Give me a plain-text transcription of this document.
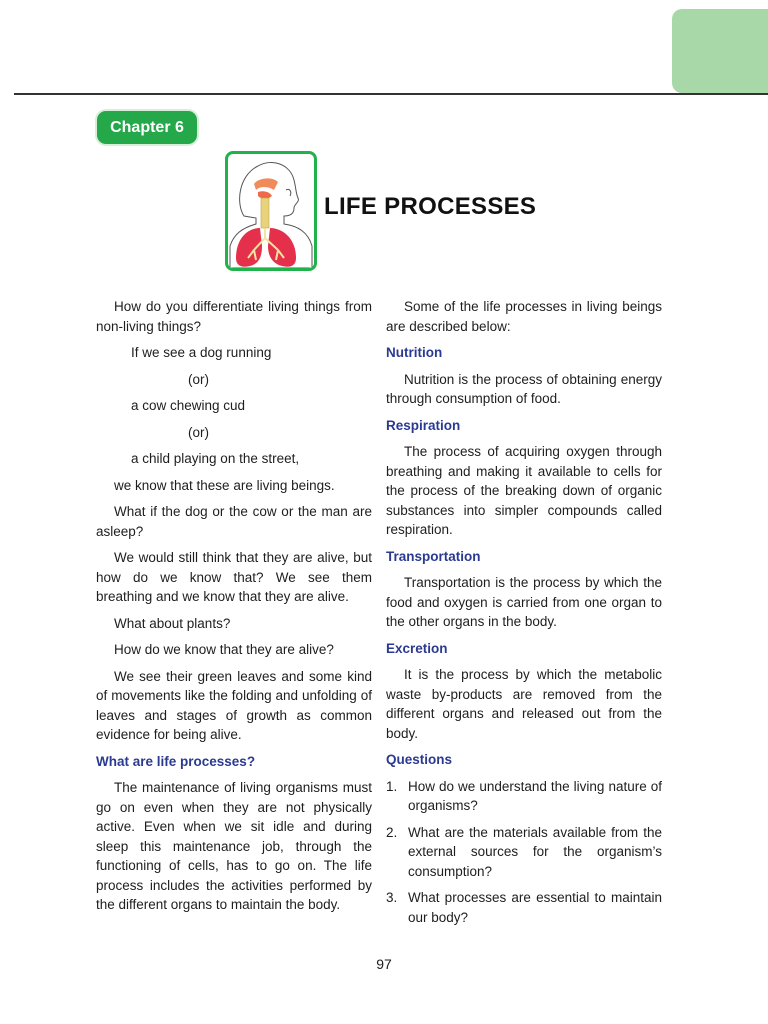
Chapter 6
LIFE PROCESSES

How do you differentiate living things from non-living things?

If we see a dog running

(or)

a cow chewing cud

(or)

a child playing on the street,

we know that these are living beings.

What if the dog or the cow or the man are asleep?

We would still think that they are alive, but how do we know that? We see them breathing and we know that they are alive.

What about plants?

How do we know that they are alive?

We see their green leaves and some kind of movements like the folding and unfolding of leaves and stages of growth as common evidence for being alive.

What are life processes?

The maintenance of living organisms must go on even when they are not physically active. Even when we sit idle and during sleep this maintenance job, through the functioning of cells, has to go on. The life process includes the activities performed by the different organs to maintain the body.

Some of the life processes in living beings are described below:

Nutrition

Nutrition is the process of obtaining energy through consumption of food.

Respiration

The process of acquiring oxygen through breathing and making it available to cells for the process of the breaking down of organic substances into simpler compounds called respiration.

Transportation

Transportation is the process by which the food and oxygen is carried from one organ to the other organs in the body.

Excretion

It is the process by which the metabolic waste by-products are removed from the different organs and released out from the body.

Questions
1. How do we understand the living nature of organisms?
2. What are the materials available from the external sources for the organism’s consumption?
3. What processes are essential to maintain our body?
97
